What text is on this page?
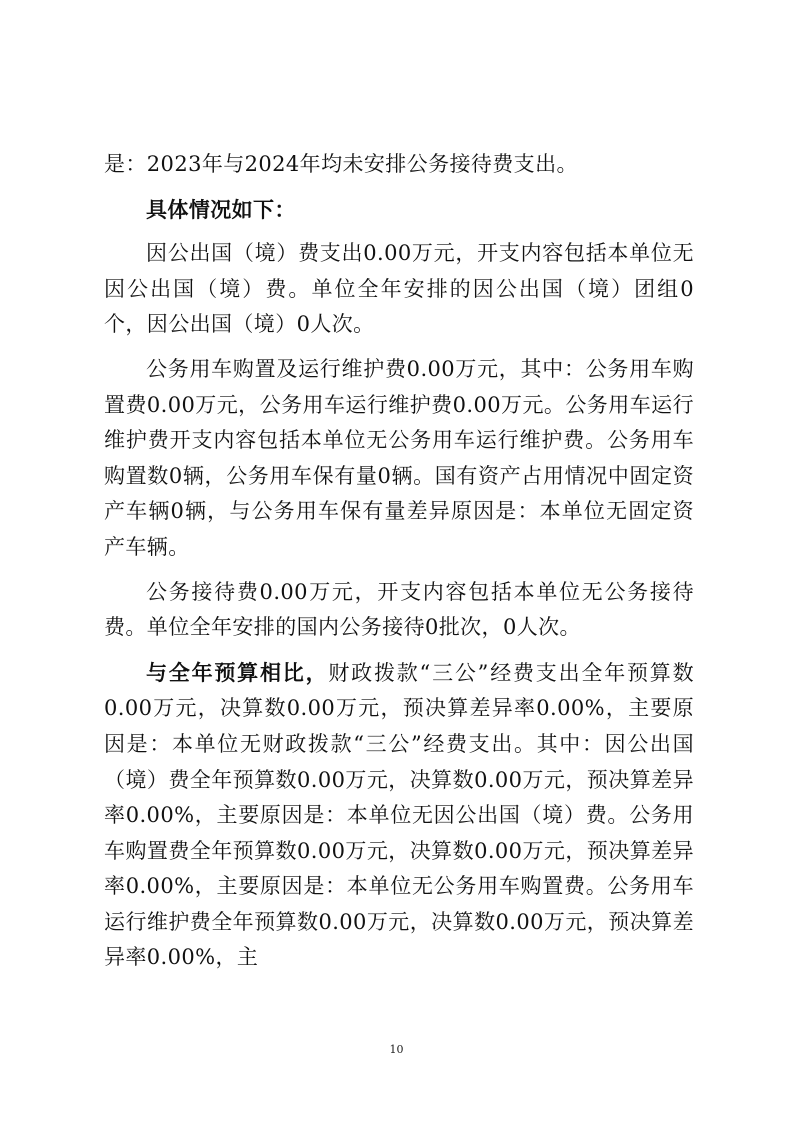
是：2023年与2024年均未安排公务接待费支出。

具体情况如下：

因公出国（境）费支出0.00万元，开支内容包括本单位无因公出国（境）费。单位全年安排的因公出国（境）团组0个，因公出国（境）0人次。

公务用车购置及运行维护费0.00万元，其中：公务用车购置费0.00万元，公务用车运行维护费0.00万元。公务用车运行维护费开支内容包括本单位无公务用车运行维护费。公务用车购置数0辆，公务用车保有量0辆。国有资产占用情况中固定资产车辆0辆，与公务用车保有量差异原因是：本单位无固定资产车辆。

公务接待费0.00万元，开支内容包括本单位无公务接待费。单位全年安排的国内公务接待0批次，0人次。

与全年预算相比，财政拨款“三公”经费支出全年预算数0.00万元，决算数0.00万元，预决算差异率0.00%，主要原因是：本单位无财政拨款“三公”经费支出。其中：因公出国（境）费全年预算数0.00万元，决算数0.00万元，预决算差异率0.00%，主要原因是：本单位无因公出国（境）费。公务用车购置费全年预算数0.00万元，决算数0.00万元，预决算差异率0.00%，主要原因是：本单位无公务用车购置费。公务用车运行维护费全年预算数0.00万元，决算数0.00万元，预决算差异率0.00%，主

10
